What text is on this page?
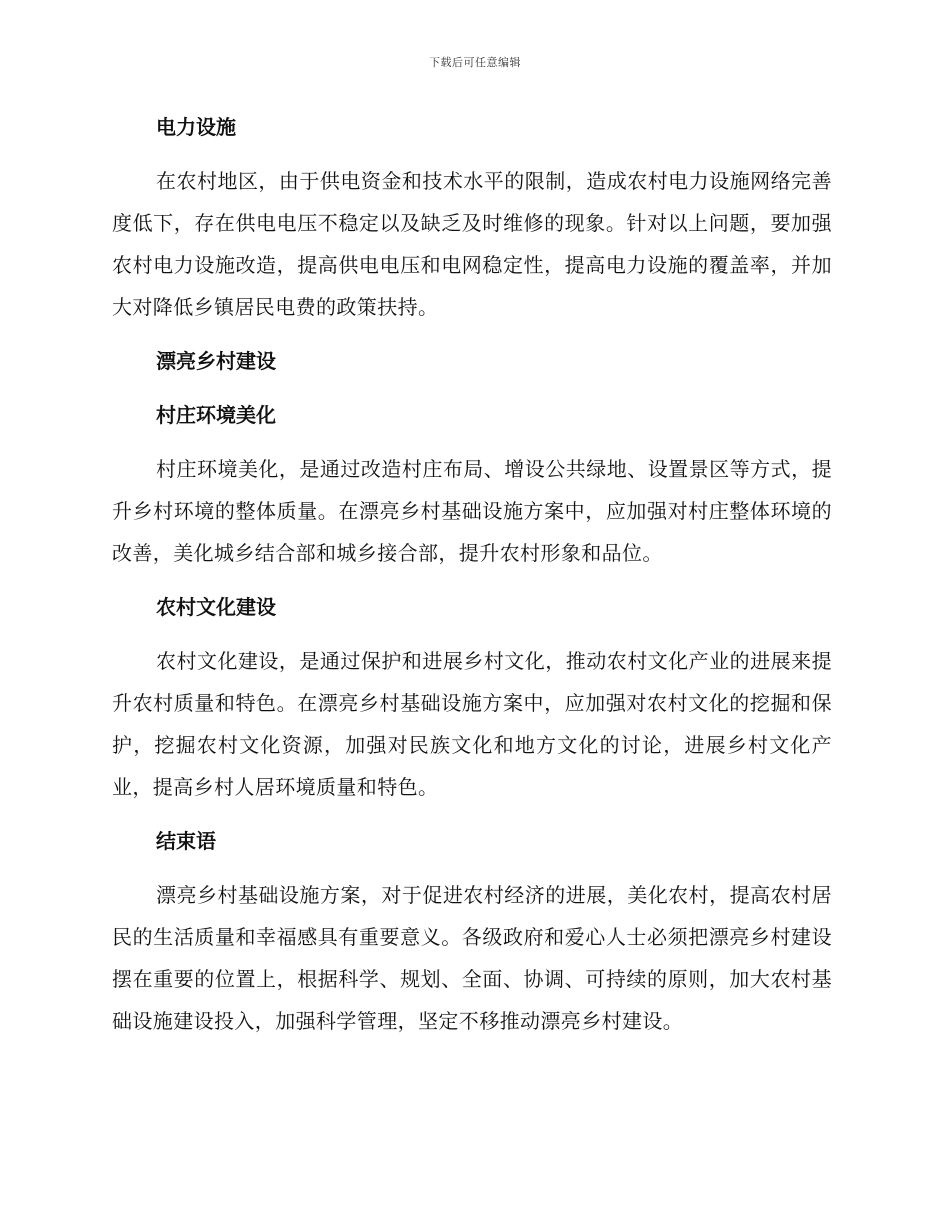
下载后可任意编辑
电力设施

在农村地区，由于供电资金和技术水平的限制，造成农村电力设施网络完善度低下，存在供电电压不稳定以及缺乏及时维修的现象。针对以上问题，要加强农村电力设施改造，提高供电电压和电网稳定性，提高电力设施的覆盖率，并加大对降低乡镇居民电费的政策扶持。

漂亮乡村建设
村庄环境美化

村庄环境美化，是通过改造村庄布局、增设公共绿地、设置景区等方式，提升乡村环境的整体质量。在漂亮乡村基础设施方案中，应加强对村庄整体环境的改善，美化城乡结合部和城乡接合部，提升农村形象和品位。

农村文化建设

农村文化建设，是通过保护和进展乡村文化，推动农村文化产业的进展来提升农村质量和特色。在漂亮乡村基础设施方案中，应加强对农村文化的挖掘和保护，挖掘农村文化资源，加强对民族文化和地方文化的讨论，进展乡村文化产业，提高乡村人居环境质量和特色。

结束语

漂亮乡村基础设施方案，对于促进农村经济的进展，美化农村，提高农村居民的生活质量和幸福感具有重要意义。各级政府和爱心人士必须把漂亮乡村建设摆在重要的位置上，根据科学、规划、全面、协调、可持续的原则，加大农村基础设施建设投入，加强科学管理，坚定不移推动漂亮乡村建设。
